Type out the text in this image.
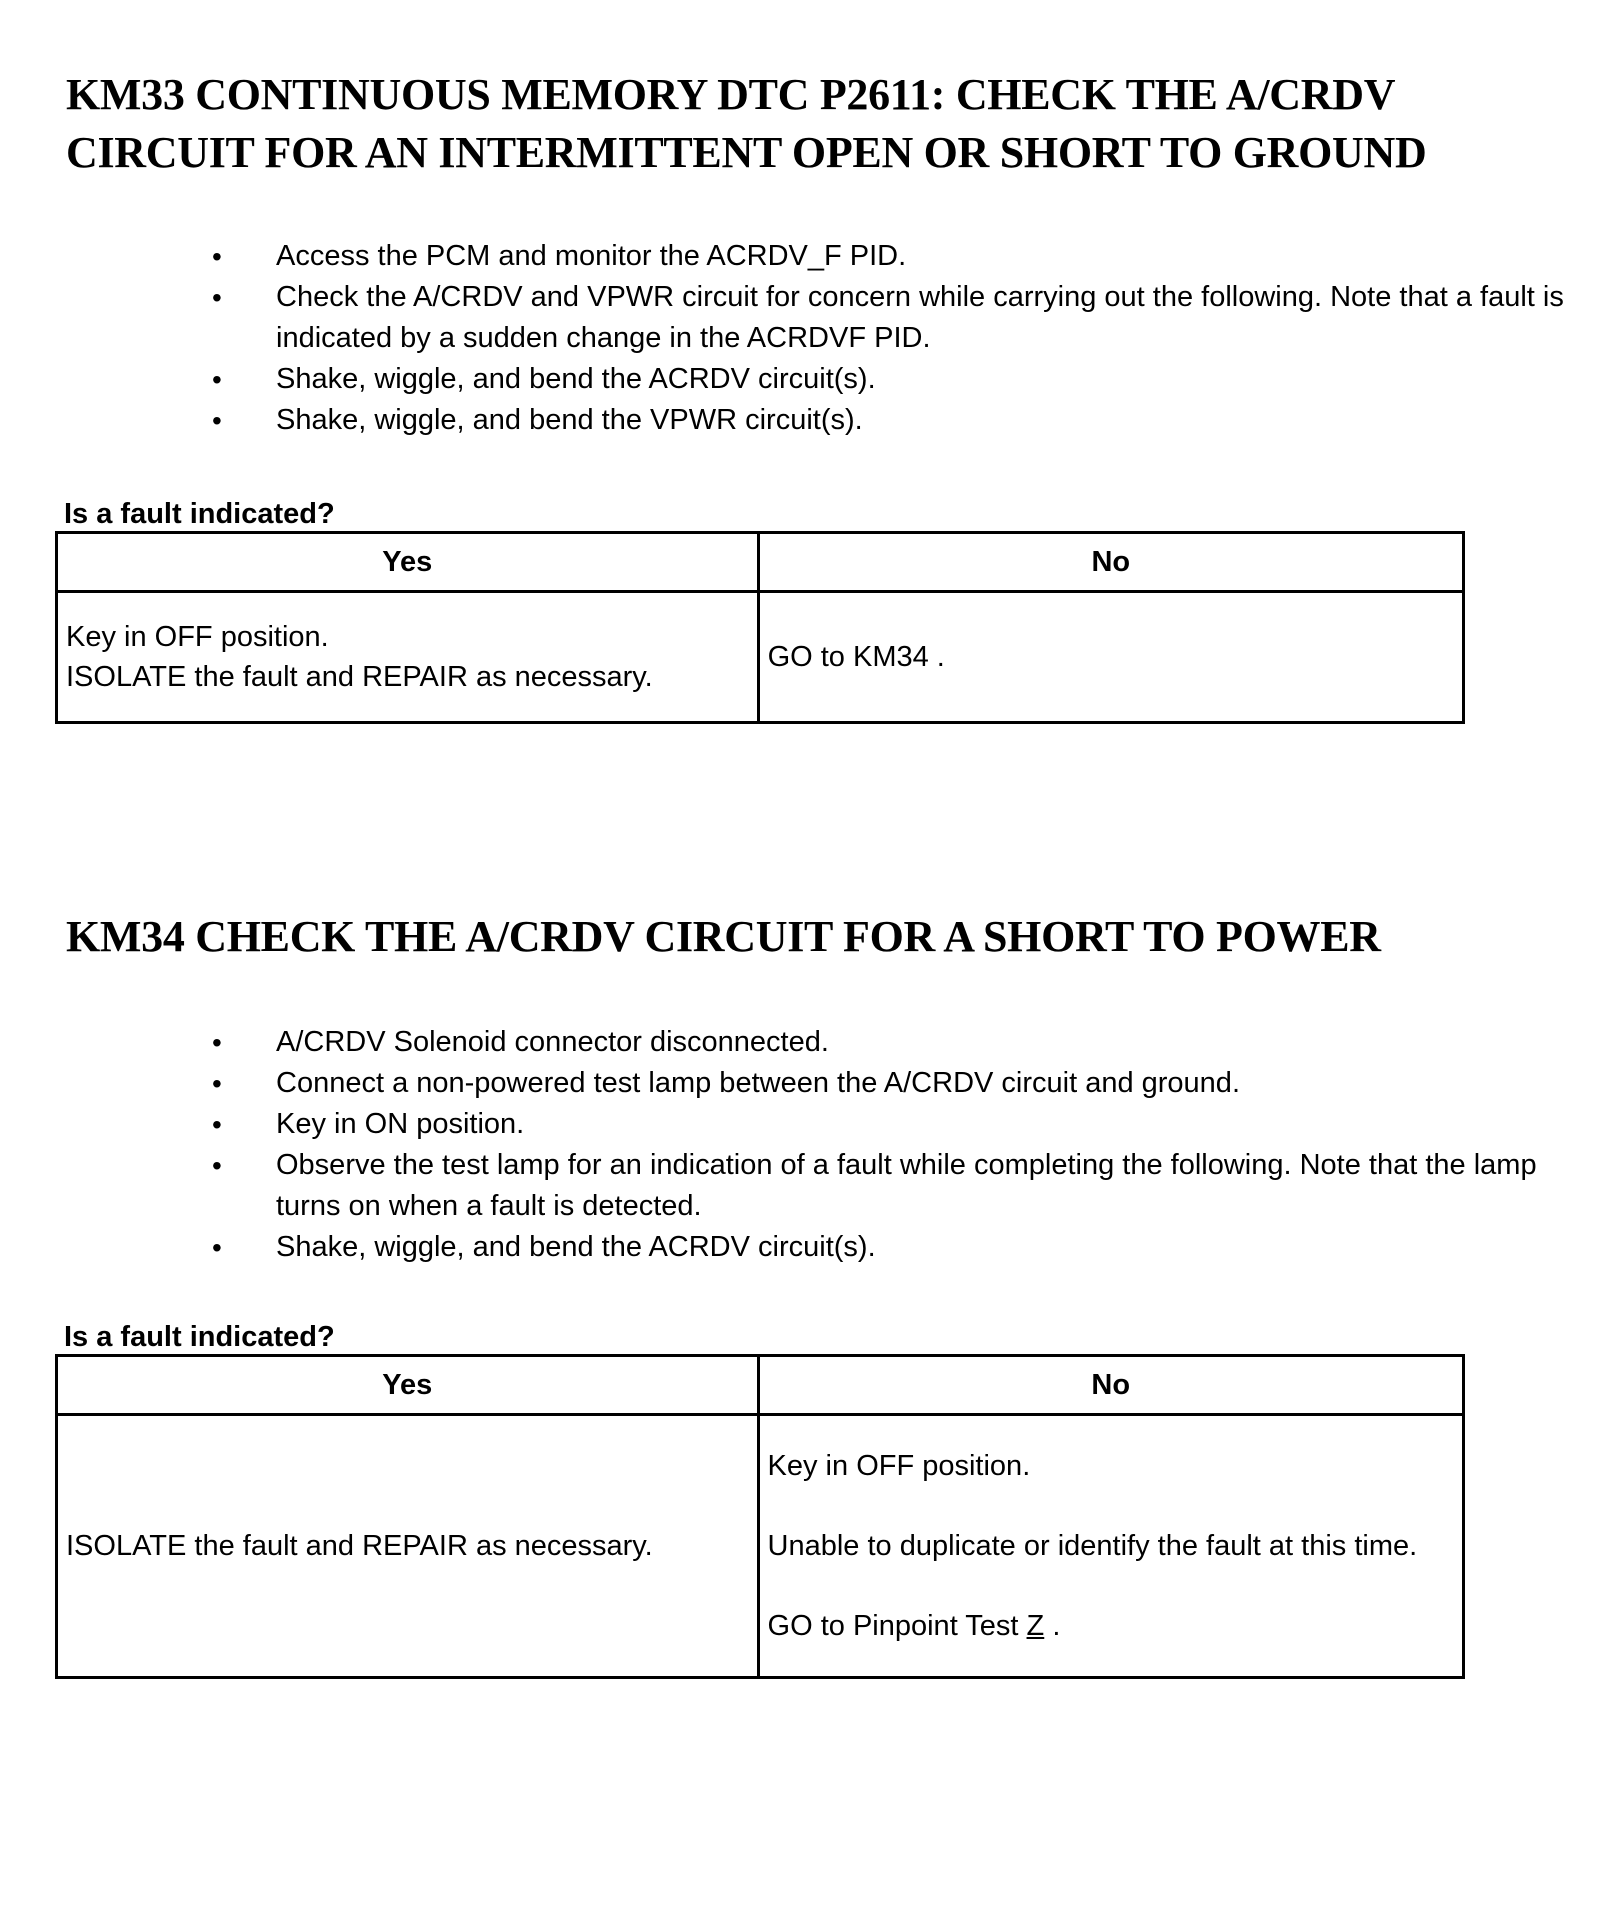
KM33 CONTINUOUS MEMORY DTC P2611: CHECK THE A/CRDV CIRCUIT FOR AN INTERMITTENT OPEN OR SHORT TO GROUND
• Access the PCM and monitor the ACRDV_F PID.
• Check the A/CRDV and VPWR circuit for concern while carrying out the following. Note that a fault is indicated by a sudden change in the ACRDVF PID.
• Shake, wiggle, and bend the ACRDV circuit(s).
• Shake, wiggle, and bend the VPWR circuit(s).
Is a fault indicated?
Yes	No

Key in OFF position.
ISOLATE the fault and REPAIR as necessary.	GO to KM34 .
KM34 CHECK THE A/CRDV CIRCUIT FOR A SHORT TO POWER
• A/CRDV Solenoid connector disconnected.
• Connect a non-powered test lamp between the A/CRDV circuit and ground.
• Key in ON position.
• Observe the test lamp for an indication of a fault while completing the following. Note that the lamp turns on when a fault is detected.
• Shake, wiggle, and bend the ACRDV circuit(s).
Is a fault indicated?
Yes	No
ISOLATE the fault and REPAIR as necessary.	Key in OFF position.
Unable to duplicate or identify the fault at this time.
GO to Pinpoint Test Z .
